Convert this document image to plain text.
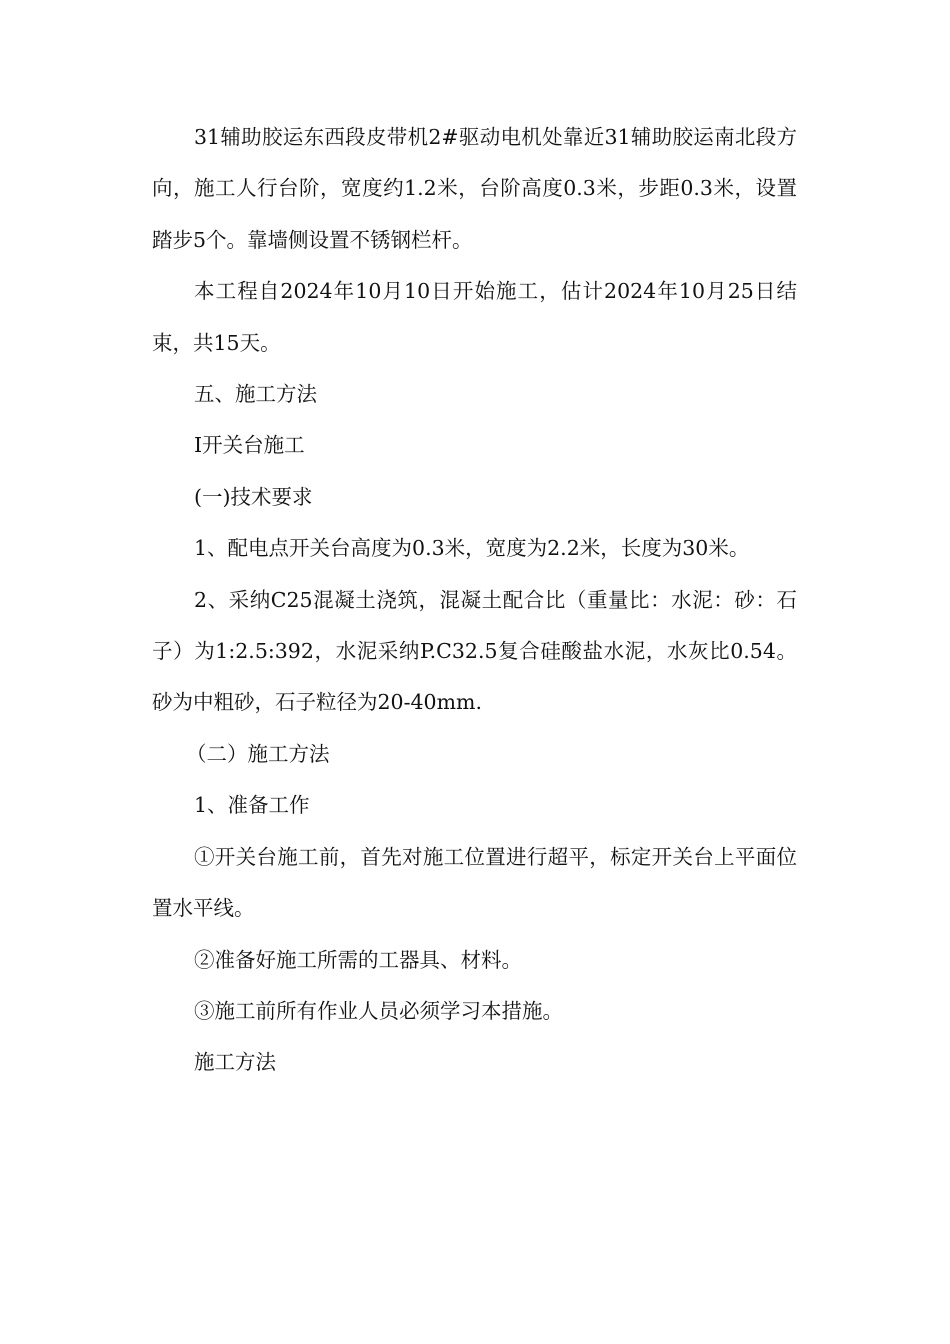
31辅助胶运东西段皮带机2#驱动电机处靠近31辅助胶运南北段方向，施工人行台阶，宽度约1.2米，台阶高度0.3米，步距0.3米，设置踏步5个。靠墙侧设置不锈钢栏杆。

本工程自2024年10月10日开始施工，估计2024年10月25日结束，共15天。

五、施工方法

I开关台施工

(一)技术要求

1、配电点开关台高度为0.3米，宽度为2.2米，长度为30米。

2、采纳C25混凝土浇筑，混凝土配合比（重量比：水泥：砂：石子）为1:2.5:392，水泥采纳P.C32.5复合硅酸盐水泥，水灰比0.54。砂为中粗砂，石子粒径为20-40mm.

（二）施工方法

1、准备工作

①开关台施工前，首先对施工位置进行超平，标定开关台上平面位置水平线。

②准备好施工所需的工器具、材料。

③施工前所有作业人员必须学习本措施。

施工方法
